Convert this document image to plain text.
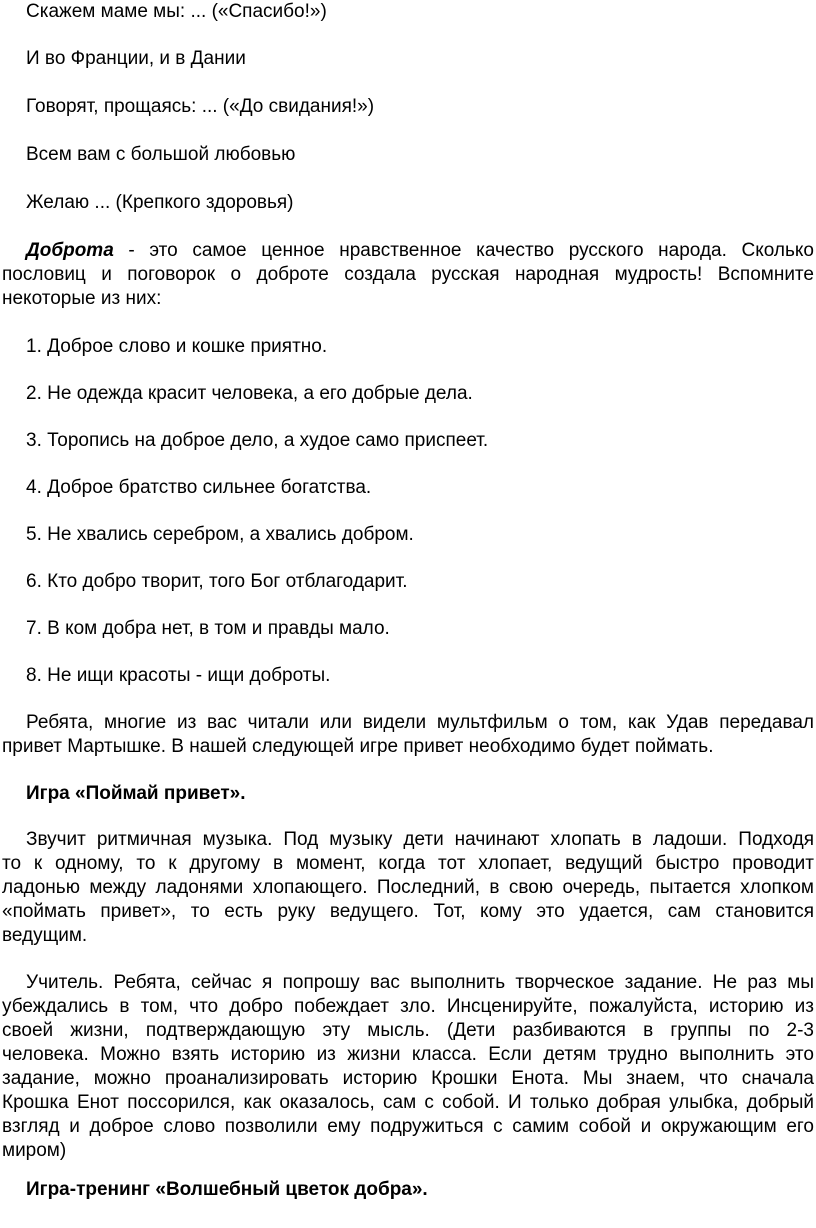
Скажем маме мы: ... («Спасибо!»)

И во Франции, и в Дании

Говорят, прощаясь: ... («До свидания!»)

Всем вам с большой любовью

Желаю ... (Крепкого здоровья)

Доброта - это самое ценное нравственное качество русского народа. Сколько
пословиц и поговорок о доброте создала русская народная мудрость! Вспомните
некоторые из них:

1. Доброе слово и кошке приятно.

2. Не одежда красит человека, а его добрые дела.

3. Торопись на доброе дело, а худое само приспеет.

4. Доброе братство сильнее богатства.

5. Не хвались серебром, а хвались добром.

6. Кто добро творит, того Бог отблагодарит.

7. В ком добра нет, в том и правды мало.

8. Не ищи красоты - ищи доброты.

Ребята, многие из вас читали или видели мультфильм о том, как Удав передавал
привет Мартышке. В нашей следующей игре привет необходимо будет поймать.

Игра «Поймай привет».

Звучит ритмичная музыка. Под музыку дети начинают хлопать в ладоши. Подходя
то к одному, то к другому в момент, когда тот хлопает, ведущий быстро проводит
ладонью между ладонями хлопающего. Последний, в свою очередь, пытается хлопком
«поймать привет», то есть руку ведущего. Тот, кому это удается, сам становится
ведущим.
Учитель. Ребята, сейчас я попрошу вас выполнить творческое задание. Не раз мы
убеждались в том, что добро побеждает зло. Инсценируйте, пожалуйста, историю из
своей жизни, подтверждающую эту мысль. (Дети разбиваются в группы по 2-3
человека. Можно взять историю из жизни класса. Если детям трудно выполнить это
задание, можно проанализировать историю Крошки Енота. Мы знаем, что сначала
Крошка Енот поссорился, как оказалось, сам с собой. И только добрая улыбка, добрый
взгляд и доброе слово позволили ему подружиться с самим собой и окружающим его
миром)

Игра-тренинг «Волшебный цветок добра».
